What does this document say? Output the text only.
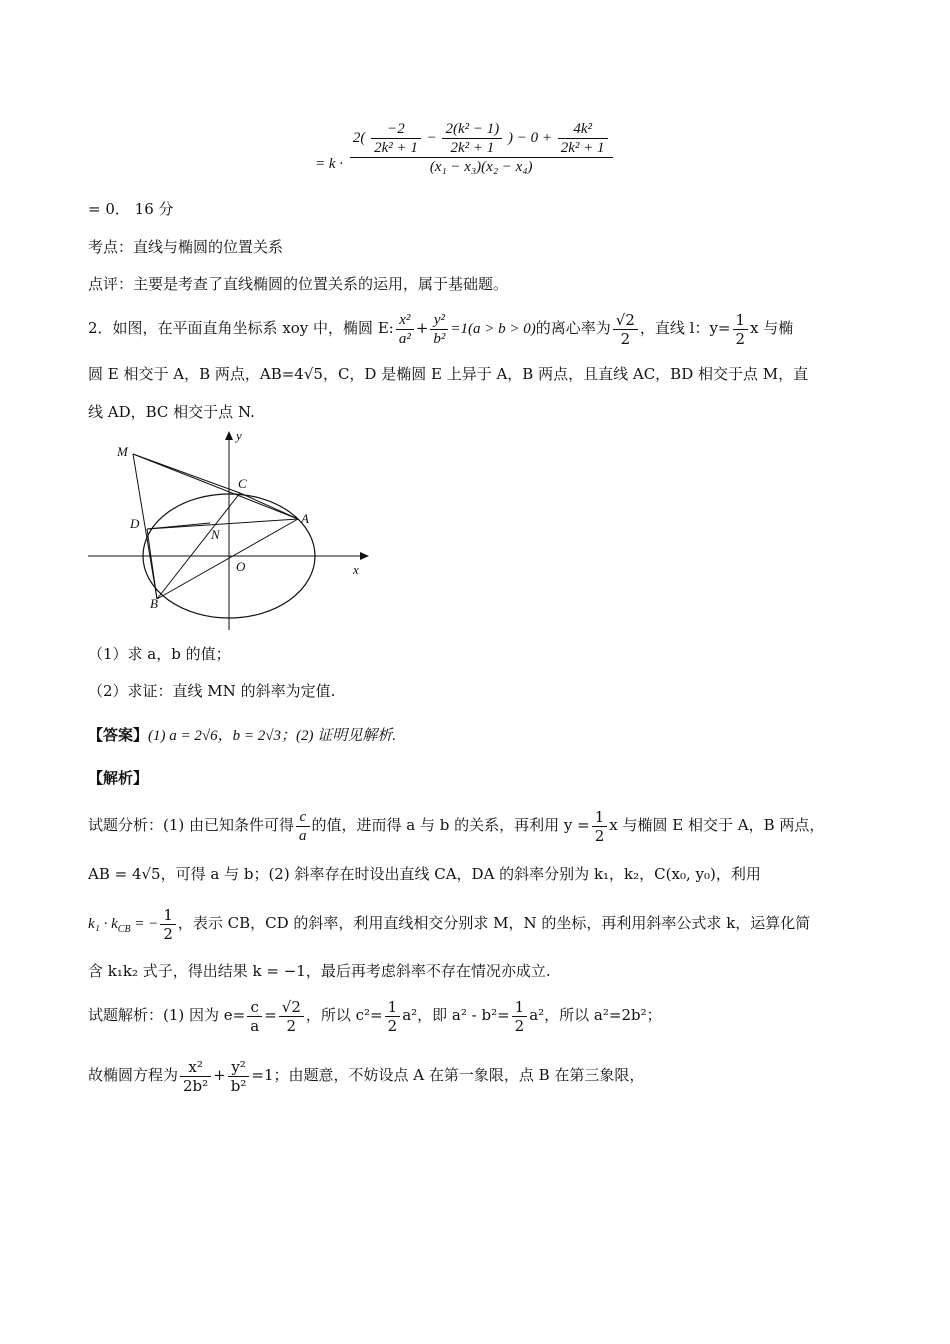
= k ·
$2( \frac{-2}{\text{2k² + 1}} - \frac{\text{2(k² − 1)}}{\text{2k² + 1}}$ ) − $0 + \frac{\text{4k²}}{\text{2k² + 1}}$
(x₁ − x₃)(x₂ − x₄)
= 0． 16 分
考点：直线与椭圆的位置关系
点评：主要是考查了直线椭圆的位置关系的运用，属于基础题。
2．如图，在平面直角坐标系 xoy 中，椭圆 E: $\frac{\text{x²}}{\text{a²}} + \frac{\text{y²}}{\text{b²}} =1(a > b > 0)$的离心率为 $\frac{√2}{2}$ ，直线 l：$y= \frac{1}{2}$ x 与椭
圆 E 相交于 A，B 两点，AB=4√5，C，D 是椭圆 E 上异于 A，B 两点，且直线 AC，BD 相交于点 M，直
线 AD，BC 相交于点 N.
M
C
D
N
A
O
B
x
y
（1）求 a，b 的值；
（2）求证：直线 MN 的斜率为定值.
【答案】(1) a = 2√6，b = 2√3；(2) 证明见解析.
【解析】
试题分析：(1) 由已知条件可得 $\frac{c}{a}$ 的值，进而得 a 与 b 的关系，再利用 $y = \frac{1}{2}$ x 与椭圆 E 相交于 A，B 两点，
AB = 4√5，可得 a 与 b；(2) 斜率存在时设出直线 CA，DA 的斜率分别为 k₁，k₂，C(x₀, y₀)，利用
$k_1 \cdot k_{CB}$ = − $\frac{1}{2}$ ，表示 CB，CD 的斜率，利用直线相交分别求 M，N 的坐标，再利用斜率公式求 k，运算化简
含 k₁k₂ 式子，得出结果 k = −1，最后再考虑斜率不存在情况亦成立.
试题解析：(1) 因为 $e= \frac{c}{a} = \frac{√2}{2}$ ，所以 $c^2= \frac{1}{2} a^2$，即 $a^2 - b^2= \frac{1}{2} a^2$，所以 a²=2b²；
故椭圆方程为 $\frac{\text{x²}}{\text{2b²}} + \frac{\text{y²}}{\text{b²}} =1$；由题意，不妨设点 A 在第一象限，点 B 在第三象限，
